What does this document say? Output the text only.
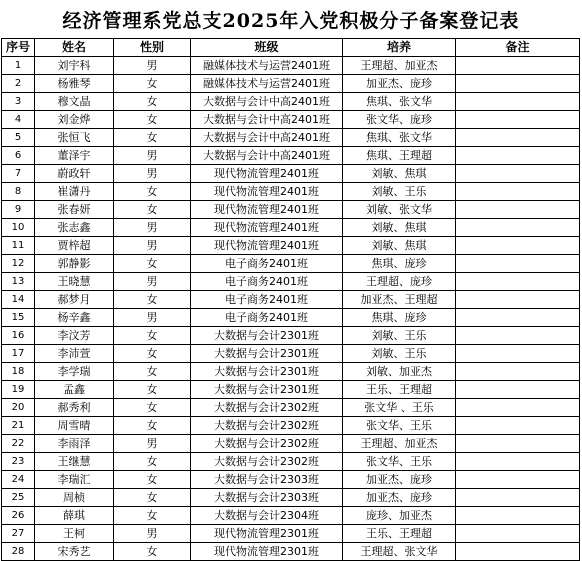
经济管理系党总支2025年入党积极分子备案登记表
序号	姓名	性别	班级	培养	备注
1	刘宇科	男	融媒体技术与运营2401班	王理超、加亚杰	
2	杨雅琴	女	融媒体技术与运营2401班	加亚杰、庞珍	
3	穆文晶	女	大数据与会计中高2401班	焦琪、张文华	
4	刘金烨	女	大数据与会计中高2401班	张文华、庞珍	
5	张恒飞	女	大数据与会计中高2401班	焦琪、张文华	
6	董泽宇	男	大数据与会计中高2401班	焦琪、王理超	
7	蔚政轩	男	现代物流管理2401班	刘敏、焦琪	
8	崔潇丹	女	现代物流管理2401班	刘敏、王乐	
9	张春妍	女	现代物流管理2401班	刘敏、张文华	
10	张志鑫	男	现代物流管理2401班	刘敏、焦琪	
11	贾梓超	男	现代物流管理2401班	刘敏、焦琪	
12	郭静影	女	电子商务2401班	焦琪、庞珍	
13	王晓慧	男	电子商务2401班	王理超、庞珍	
14	郝梦月	女	电子商务2401班	加亚杰、王理超	
15	杨辛鑫	男	电子商务2401班	焦琪、庞珍	
16	李汶芳	女	大数据与会计2301班	刘敏、王乐	
17	李沛萱	女	大数据与会计2301班	刘敏、王乐	
18	李学瑞	女	大数据与会计2301班	刘敏、加亚杰	
19	孟鑫	女	大数据与会计2301班	王乐、王理超	
20	郝秀利	女	大数据与会计2302班	张文华 、王乐	
21	周雪晴	女	大数据与会计2302班	张文华、王乐	
22	李雨泽	男	大数据与会计2302班	王理超、加亚杰	
23	王继慧	女	大数据与会计2302班	张文华、王乐	
24	李瑞汇	女	大数据与会计2303班	加亚杰、庞珍	
25	周桢	女	大数据与会计2303班	加亚杰、庞珍	
26	薛琪	女	大数据与会计2304班	庞珍、加亚杰	
27	王柯	男	现代物流管理2301班	王乐、王理超	
28	宋秀艺	女	现代物流管理2301班	王理超、张文华	
